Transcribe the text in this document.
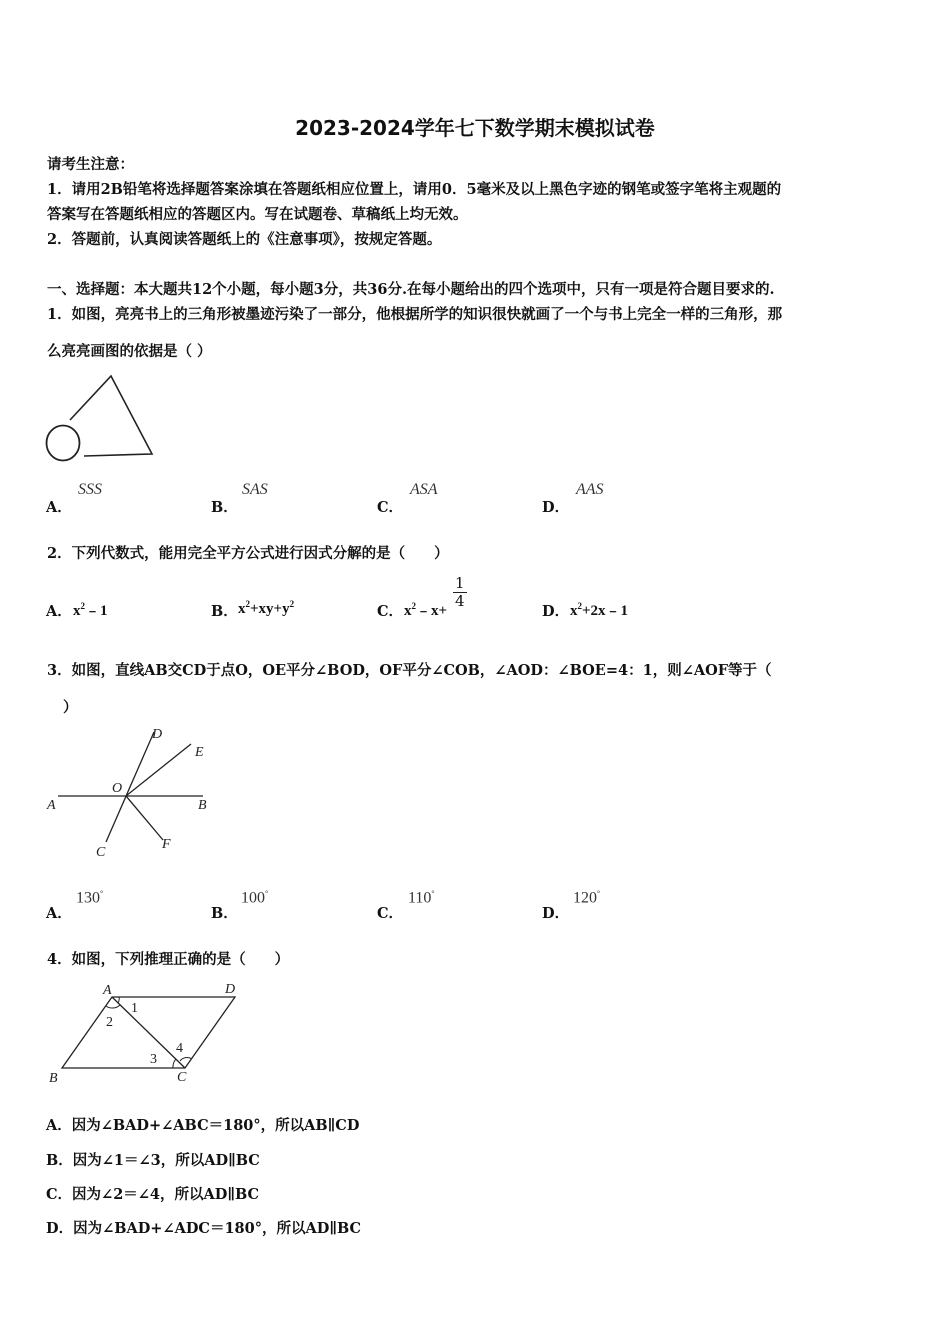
2023-2024学年七下数学期末模拟试卷
请考生注意：
1．请用2B铅笔将选择题答案涂填在答题纸相应位置上，请用0．5毫米及以上黑色字迹的钢笔或签字笔将主观题的
答案写在答题纸相应的答题区内。写在试题卷、草稿纸上均无效。
2．答题前，认真阅读答题纸上的《注意事项》，按规定答题。
一、选择题：本大题共12个小题，每小题3分，共36分.在每小题给出的四个选项中，只有一项是符合题目要求的.
1．如图，亮亮书上的三角形被墨迹污染了一部分，他根据所学的知识很快就画了一个与书上完全一样的三角形，那
么亮亮画图的依据是（ ）
A．
SSS
B．
SAS
C．
ASA
D．
AAS
2．下列代数式，能用完全平方公式进行因式分解的是（　　）
A． $x^2﹣1$	B． $x^2+xy+y^2$	C． $x^2﹣x+$
$\frac{1}{4}$
D． $x^2+2x﹣1$
3．如图，直线AB交CD于点O，OE平分∠BOD，OF平分∠COB，∠AOD：∠BOE=4：1，则∠AOF等于（
）
D
E
O
A	B
C
F
A．
130°
B．
100°
C．
110°
D．
120°
4．如图，下列推理正确的是（　　）
A	D
B	C
1
2
3
4
A．因为∠BAD+∠ABC＝180°，所以AB∥CD
B．因为∠1＝∠3，所以AD∥BC
C．因为∠2＝∠4，所以AD∥BC
D．因为∠BAD+∠ADC＝180°，所以AD∥BC
